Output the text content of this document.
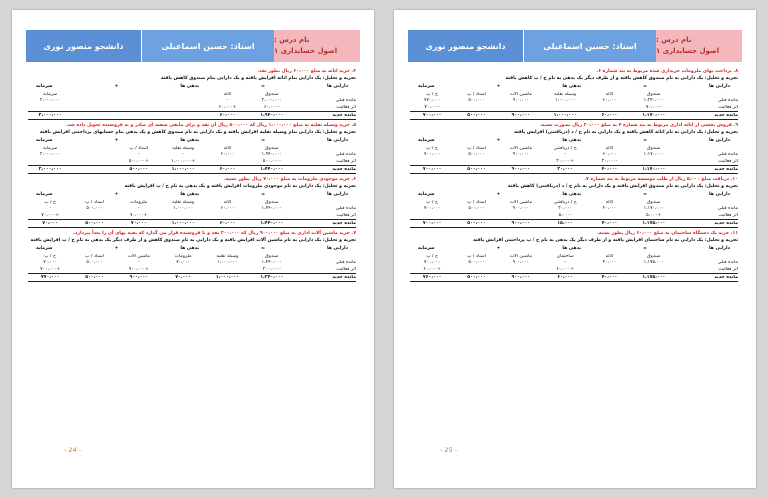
دانشجو منصور نوری	استاد: حسین اسماعیلی
نام درس :
اصول حسابداری ۱
۴. خرید اثاثه به مبلغ ۶۰،۰۰۰ ریال بطور نقد.
تجزیه و تحلیل: یک دارایی بنام اثاثه افزایش یافته و یک دارایی بنام صندوق کاهش یافته
دارایی ها
=
بدهی ها
+
سرمایه
صندوق
اثاثه
سرمایه
مانده قبلی
۲،۰۰۰،۰۰۰
-
۲،۰۰۰،۰۰۰
اثر فعالیت
-۶۰،۰۰۰
+۶۰،۰۰۰
مانده جدید
۱،۹۴۰،۰۰۰
۶۰،۰۰۰
۲،۰۰۰،۰۰۰
۵. خرید وسیله نقلیه به مبلغ ۱،۰۰۰،۰۰۰ ریال که ۵۰۰،۰۰۰ ریال آن نقد و برای مابقی سفته ای صادر و به فروشنده تحویل داده شد.
تجزیه و تحلیل: یک دارایی بنام وسیله نقلیه افزایش یافته و یک دارایی به نام صندوق کاهش و یک بدهی بنام حسابهای پرداختنی افزایش یافته
دارایی ها
=
بدهی ها
+
سرمایه
صندوق
اثاثه
وسیله نقلیه
اسناد / پ
سرمایه
مانده قبلی
۱،۹۴۰،۰۰۰
۶۰،۰۰۰
-
-
۲،۰۰۰،۰۰۰
اثر فعالیت
-۵۰۰،۰۰۰
+۱،۰۰۰،۰۰۰
+۵۰۰،۰۰۰
مانده جدید
۱،۴۴۰،۰۰۰
۶۰،۰۰۰
۱،۰۰۰،۰۰۰
۵۰۰،۰۰۰
۲،۰۰۰،۰۰۰
۶. خرید موجودی ملزومات به مبلغ ۷۰،۰۰۰ ریال بطور نسیه.
تجزیه و تحلیل: یک دارایی به نام موجودی ملزومات افزایش یافته و یک بدهی به نام ح / پ افزایش یافته
دارایی ها
=
بدهی ها
+
سرمایه
صندوق
اثاثه
وسیله نقلیه
ملزومات
اسناد / پ
ح / پ
مانده قبلی
۱،۴۴۰،۰۰۰
۶۰،۰۰۰
۱،۰۰۰،۰۰۰
-
۵۰۰،۰۰۰
-
اثر فعالیت
+۷۰،۰۰۰
+۷۰،۰۰۰
مانده جدید
۱،۴۴۰،۰۰۰
۶۰،۰۰۰
۱،۰۰۰،۰۰۰
۷۰،۰۰۰
۵۰۰،۰۰۰
۷۰،۰۰۰
۷. خرید ماشین آلات اداری به مبلغ ۹۰۰،۰۰۰ ریال که ۲۰۰،۰۰۰ نقد و با فروشنده قرار می گذارد که بقیه بهای آن را بعداً بپردازد.
تجزیه و تحلیل: یک دارایی به نام ماشین آلات افزایش یافته و یک دارایی به نام صندوق کاهش و از طرف دیگر یک بدهی به نام ح / پ افزایش یافته
دارایی ها
=
بدهی ها
+
سرمایه
صندوق
وسیله نقلیه
ملزومات
ماشین آلات
اسناد / پ
ح / پ
مانده قبلی
۱،۴۴۰،۰۰۰
۱،۰۰۰،۰۰۰
۷۰،۰۰۰
-
۵۰۰،۰۰۰
۷۰،۰۰۰
اثر فعالیت
-۲۰۰،۰۰۰
+۹۰۰،۰۰۰
+۷۰۰،۰۰۰
مانده جدید
۱،۲۴۰،۰۰۰
۱،۰۰۰،۰۰۰
۷۰،۰۰۰
۹۰۰،۰۰۰
۵۰۰،۰۰۰
۷۷۰،۰۰۰
- 24 -
دانشجو منصور نوری	استاد: حسین اسماعیلی
نام درس :
اصول حسابداری ۱
۸. پرداخت بهای ملزومات خریداری شده مربوط به بند شماره ۶.
تجزیه و تحلیل: یک دارایی به نام صندوق کاهش یافته و از طرف دیگر یک بدهی به نام ح / پ کاهش یافته
دارایی ها
=
بدهی ها
+
سرمایه
صندوق
اثاثه
وسیله نقلیه
ماشین آلات
اسناد / پ
ح / پ
مانده قبلی
۱،۲۴۰،۰۰۰
۶۰،۰۰۰
۱،۰۰۰،۰۰۰
۹۰۰،۰۰۰
۵۰۰،۰۰۰
۷۷۰،۰۰۰
اثر فعالیت
-۷۰،۰۰۰
-۷۰،۰۰۰
مانده جدید
۱،۱۷۰،۰۰۰
۶۰،۰۰۰
۱،۰۰۰،۰۰۰
۹۰۰،۰۰۰
۵۰۰،۰۰۰
۷۰۰،۰۰۰
۹. فروش بخشی از اثاثه اداری مربوط به بند شماره ۴ به مبلغ ۲۰،۰۰۰ ریال بصورت نسیه.
تجزیه و تحلیل: یک دارایی به نام اثاثه کاهش یافته و یک دارایی به نام ح / د (دریافتنی) افزایش یافته
دارایی ها
=
بدهی ها
+
سرمایه
صندوق
اثاثه
ح / دریافتنی
ماشین آلات
اسناد / پ
ح / پ
مانده قبلی
۱،۱۷۰،۰۰۰
۶۰،۰۰۰
-
۹۰۰،۰۰۰
۵۰۰،۰۰۰
۷۰۰،۰۰۰
اثر فعالیت
-۲۰،۰۰۰
+۲۰،۰۰۰
مانده جدید
۱،۱۷۰،۰۰۰
۴۰،۰۰۰
۲۰،۰۰۰
۹۰۰،۰۰۰
۵۰۰،۰۰۰
۷۰۰،۰۰۰
۱۰. دریافت مبلغ ۵،۰۰۰ ریال از طلب موسسه مربوط به بند شماره ۷.
تجزیه و تحلیل: یک دارایی به نام صندوق افزایش یافته و یک دارایی به نام ح / د (دریافتنی) کاهش یافته
دارایی ها
=
بدهی ها
+
سرمایه
صندوق
اثاثه
ح / دریافتنی
ماشین آلات
اسناد / پ
ح / پ
مانده قبلی
۱،۱۷۰،۰۰۰
۴۰،۰۰۰
۲۰،۰۰۰
۹۰۰،۰۰۰
۵۰۰،۰۰۰
۷۰۰،۰۰۰
اثر فعالیت
+۵،۰۰۰
-۵،۰۰۰
مانده جدید
۱،۱۷۵،۰۰۰
۴۰،۰۰۰
۱۵،۰۰۰
۹۰۰،۰۰۰
۵۰۰،۰۰۰
۷۰۰،۰۰۰
۱۱. خرید یک دستگاه ساختمان به مبلغ ۶۰،۰۰۰ ریال بطور نسیه.
تجزیه و تحلیل: یک دارایی به نام ساختمان افزایش یافته و از طرف دیگر یک بدهی به نام ح / پ پرداختنی افزایش یافته
دارایی ها
=
بدهی ها
+
سرمایه
صندوق
اثاثه
ساختمان
ماشین آلات
اسناد / پ
ح / پ
مانده قبلی
۱،۱۷۵،۰۰۰
۴۰،۰۰۰
-
۹۰۰،۰۰۰
۵۰۰،۰۰۰
۷۰۰،۰۰۰
اثر فعالیت
+۶۰،۰۰۰
+۶۰،۰۰۰
مانده جدید
۱،۱۷۵،۰۰۰
۴۰،۰۰۰
۶۰،۰۰۰
۹۰۰،۰۰۰
۵۰۰،۰۰۰
۷۶۰،۰۰۰
- 25 -
